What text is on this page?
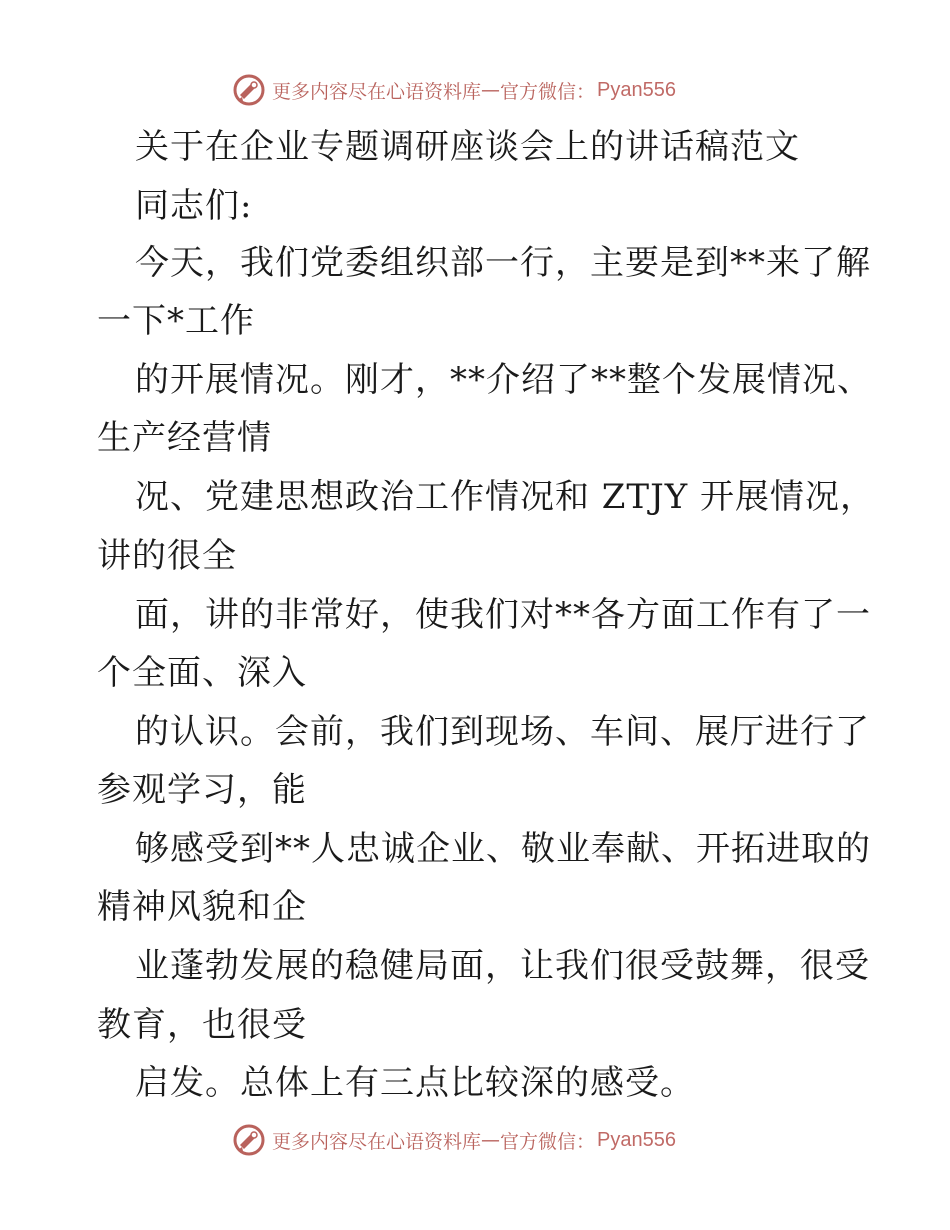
更多内容尽在心语资料库 — 官方微信： Pyan556
关于在企业专题调研座谈会上的讲话稿范文
同志们:
今天，我们党委组织部一行，主要是到**来了解
一下*工作
的开展情况。刚才，**介绍了**整个发展情况、
生产经营情
况、党建思想政治工作情况和 ZTJY 开展情况，
讲的很全
面，讲的非常好，使我们对**各方面工作有了一
个全面、深入
的认识。会前，我们到现场、车间、展厅进行了
参观学习，能
够感受到**人忠诚企业、敬业奉献、开拓进取的
精神风貌和企
业蓬勃发展的稳健局面，让我们很受鼓舞，很受
教育，也很受
启发。总体上有三点比较深的感受。
更多内容尽在心语资料库 — 官方微信： Pyan556
